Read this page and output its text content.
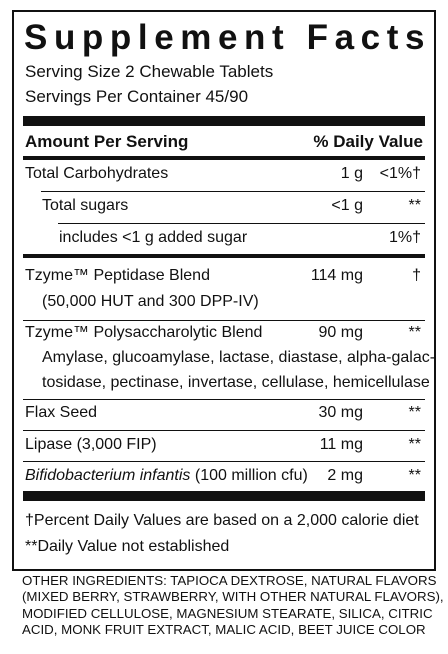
Supplement Facts
Serving Size 2 Chewable Tablets
Servings Per Container 45/90
Amount Per Serving	% Daily Value
Total Carbohydrates	1 g <1%†
Total sugars	<1 g	**
includes <1 g added sugar	1%†
Tzyme™ Peptidase Blend	114 mg	†
(50,000 HUT and 300 DPP-IV)
Tzyme™ Polysaccharolytic Blend	90 mg	**
Amylase, glucoamylase, lactase, diastase, alpha-galac-
tosidase, pectinase, invertase, cellulase, hemicellulase
Flax Seed	30 mg	**
Lipase (3,000 FIP)	11 mg	**
Bifidobacterium infantis (100 million cfu) 2 mg	**
†Percent Daily Values are based on a 2,000 calorie diet
**Daily Value not established
OTHER INGREDIENTS: TAPIOCA DEXTROSE, NATURAL FLAVORS
(MIXED BERRY, STRAWBERRY, WITH OTHER NATURAL FLAVORS),
MODIFIED CELLULOSE, MAGNESIUM STEARATE, SILICA, CITRIC
ACID, MONK FRUIT EXTRACT, MALIC ACID, BEET JUICE COLOR
